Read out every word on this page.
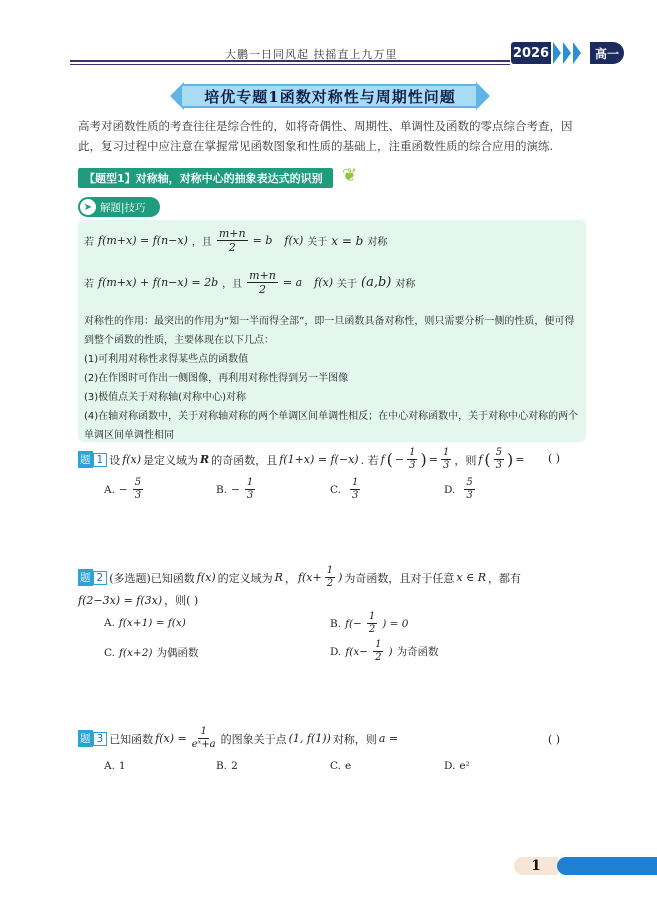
大鹏一日同风起 扶摇直上九万里	2026	高一
培优专题1函数对称性与周期性问题
高考对函数性质的考查往往是综合性的，如将奇偶性、周期性、单调性及函数的零点综合考查，因此，复习过程中应注意在掌握常见函数图象和性质的基础上，注重函数性质的综合应用的演练.
【题型1】对称轴，对称中心的抽象表达式的识别	❦
➤ 解题|技巧
若 f(m+x) = f(n−x) ，且 $\frac{m+n}{2} = b$ f(x) 关于 x = b 对称
若 f(m+x) + f(n−x) = 2b ，且 $\frac{m+n}{2} = a$ f(x) 关于 (a,b) 对称
对称性的作用：最突出的作用为“知一半而得全部”，即一旦函数具备对称性，则只需要分析一侧的性质，便可得到整个函数的性质，主要体现在以下几点：
(1)可利用对称性求得某些点的函数值
(2)在作图时可作出一侧图像，再利用对称性得到另一半图像
(3)极值点关于对称轴(对称中心)对称
(4)在轴对称函数中，关于对称轴对称的两个单调区间单调性相反；在中心对称函数中，关于对称中心对称的两个单调区间单调性相同
题 1 设 f(x) 是定义域为 R 的奇函数，且 f(1+x) = f(−x) . 若 f ( − $\frac{1}{3}$ ) = $\frac{1}{3}$ ，则 f ( $\frac{5}{3}$ ) = ( )
A. − $\frac{5}{3}$	B. − $\frac{1}{3}$	C. $\frac{1}{3}$	D. $\frac{5}{3}$
题 2 (多选题)已知函数 f(x) 的定义域为 R ， $f(x+ \frac{1}{2}$ ) 为奇函数，且对于任意 x ∈ R ，都有
f(2−3x) = f(3x) ，则( )
A. f(x+1) = f(x)	B. $f(- \frac{1}{2}$ ) = 0
C. f(x+2) 为偶函数	D. $f(x- \frac{1}{2}$ ) 为奇函数
题 3 已知函数 $f(x) = \frac{1}{\text{eˣ+a}}$ 的图象关于点 (1, f(1)) 对称，则 a =	( )
A. 1	B. 2	C. e	D. e²
1
